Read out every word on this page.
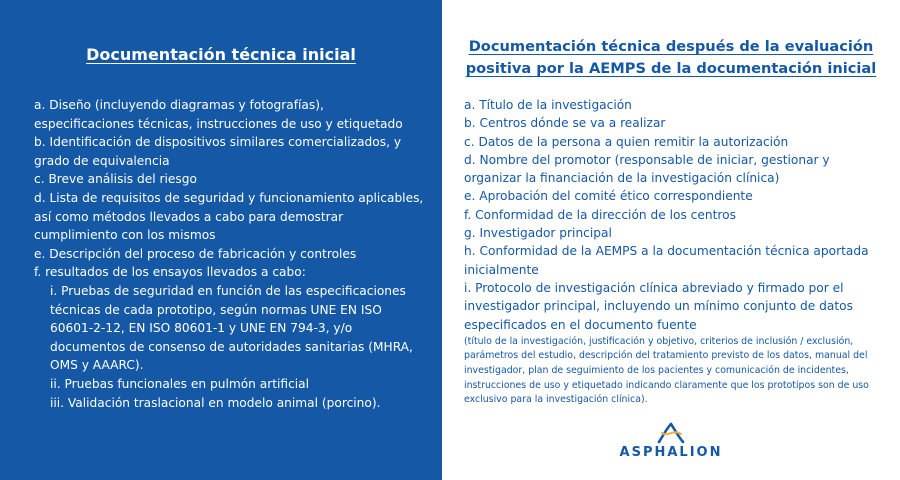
Documentación técnica inicial
a. Diseño (incluyendo diagramas y fotografías), especificaciones técnicas, instrucciones de uso y etiquetado
b. Identificación de dispositivos similares comercializados, y grado de equivalencia
c. Breve análisis del riesgo
d. Lista de requisitos de seguridad y funcionamiento aplicables, así como métodos llevados a cabo para demostrar cumplimiento con los mismos
e. Descripción del proceso de fabricación y controles
f. resultados de los ensayos llevados a cabo:
i. Pruebas de seguridad en función de las especificaciones técnicas de cada prototipo, según normas UNE EN ISO 60601-2-12, EN ISO 80601-1 y UNE EN 794-3, y/o documentos de consenso de autoridades sanitarias (MHRA, OMS y AAARC).
ii. Pruebas funcionales en pulmón artificial
iii. Validación traslacional en modelo animal (porcino).
Documentación técnica después de la evaluación positiva por la AEMPS de la documentación inicial
a. Título de la investigación
b. Centros dónde se va a realizar
c. Datos de la persona a quien remitir la autorización
d. Nombre del promotor (responsable de iniciar, gestionar y organizar la financiación de la investigación clínica)
e. Aprobación del comité ético correspondiente
f. Conformidad de la dirección de los centros
g. Investigador principal
h. Conformidad de la AEMPS a la documentación técnica aportada inicialmente
i. Protocolo de investigación clínica abreviado y firmado por el investigador principal, incluyendo un mínimo conjunto de datos especificados en el documento fuente
(título de la investigación, justificación y objetivo, criterios de inclusión / exclusión, parámetros del estudio, descripción del tratamiento previsto de los datos, manual del investigador, plan de seguimiento de los pacientes y comunicación de incidentes, instrucciones de uso y etiquetado indicando claramente que los prototipos son de uso exclusivo para la investigación clínica).
ASPHALION
